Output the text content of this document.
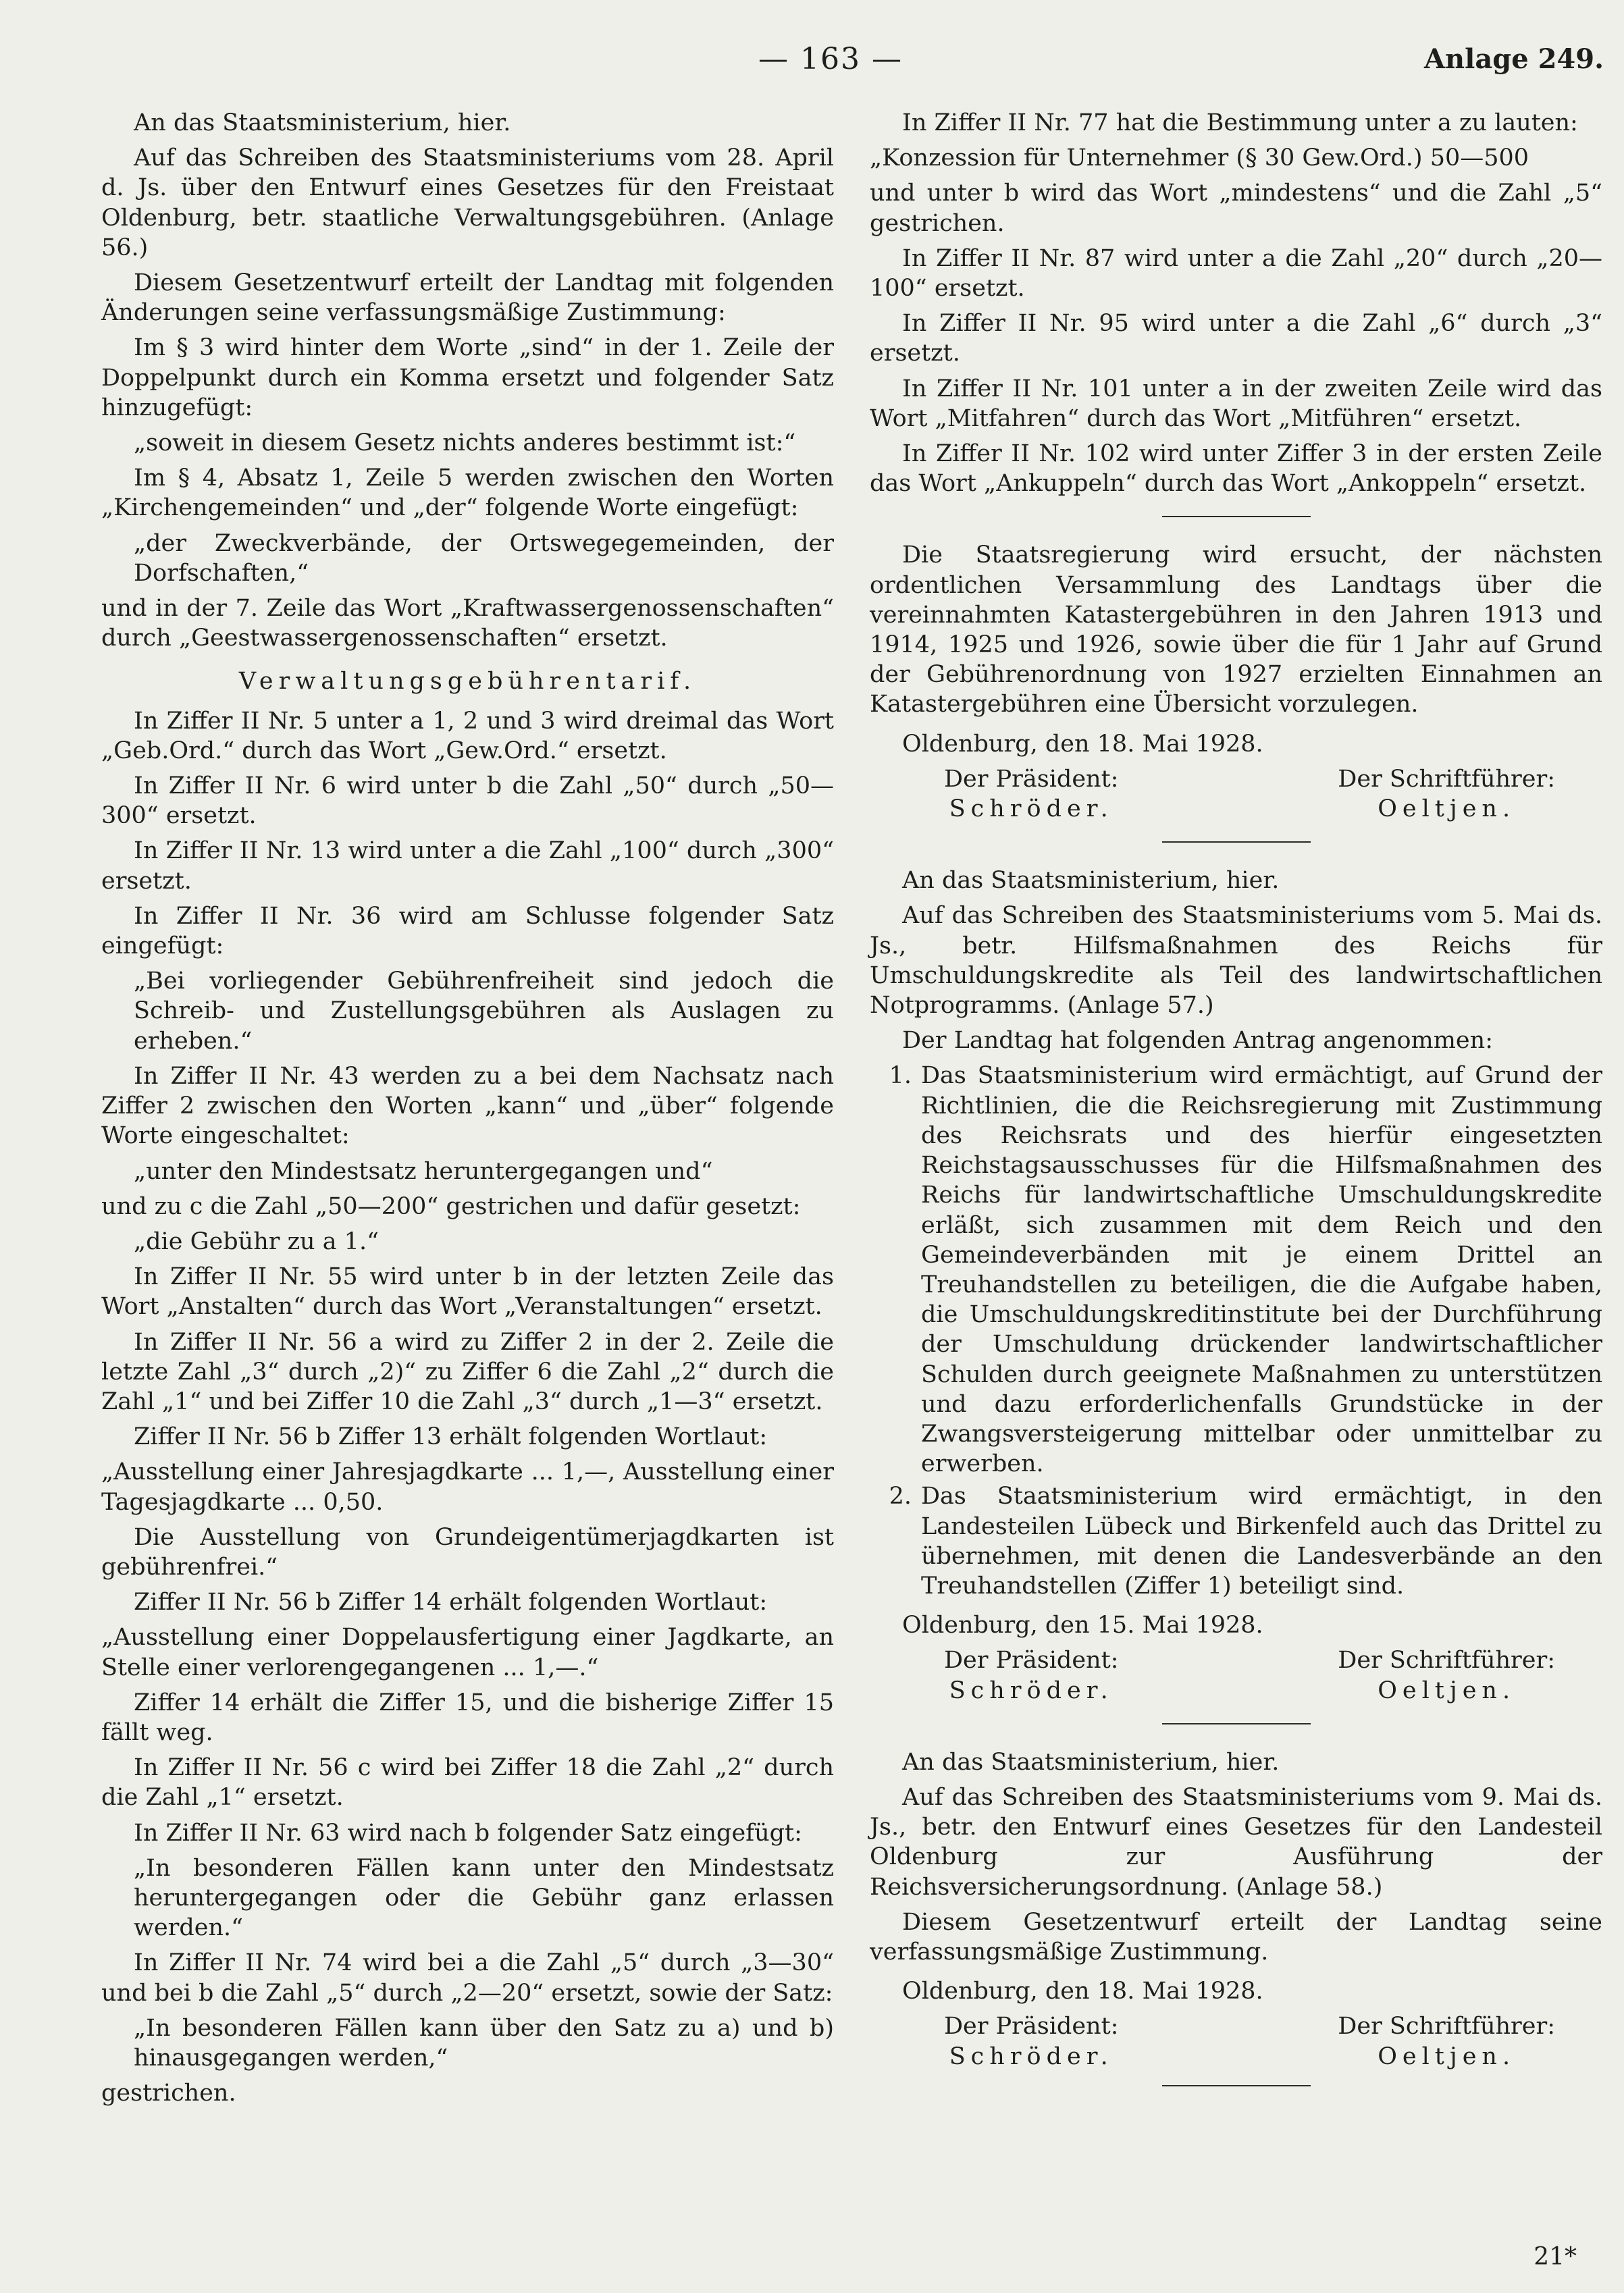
— 163 —	Anlage 249.

An das Staatsministerium, hier.

Auf das Schreiben des Staatsministeriums vom 28. April d. Js. über den Entwurf eines Gesetzes für den Freistaat Oldenburg, betr. staatliche Verwaltungsgebühren. (Anlage 56.)

Diesem Gesetzentwurf erteilt der Landtag mit folgenden Änderungen seine verfassungsmäßige Zustimmung:

Im § 3 wird hinter dem Worte „sind“ in der 1. Zeile der Doppelpunkt durch ein Komma ersetzt und folgender Satz hinzugefügt:

„soweit in diesem Gesetz nichts anderes bestimmt ist:“

Im § 4, Absatz 1, Zeile 5 werden zwischen den Worten „Kirchengemeinden“ und „der“ folgende Worte eingefügt:

„der Zweckverbände, der Ortswegegemeinden, der Dorfschaften,“

und in der 7. Zeile das Wort „Kraftwassergenossenschaften“ durch „Geestwassergenossenschaften“ ersetzt.

Verwaltungsgebührentarif.

In Ziffer II Nr. 5 unter a 1, 2 und 3 wird dreimal das Wort „Geb.Ord.“ durch das Wort „Gew.Ord.“ ersetzt.

In Ziffer II Nr. 6 wird unter b die Zahl „50“ durch „50—300“ ersetzt.

In Ziffer II Nr. 13 wird unter a die Zahl „100“ durch „300“ ersetzt.

In Ziffer II Nr. 36 wird am Schlusse folgender Satz eingefügt:

„Bei vorliegender Gebührenfreiheit sind jedoch die Schreib- und Zustellungsgebühren als Auslagen zu erheben.“

In Ziffer II Nr. 43 werden zu a bei dem Nachsatz nach Ziffer 2 zwischen den Worten „kann“ und „über“ folgende Worte eingeschaltet:

„unter den Mindestsatz heruntergegangen und“

und zu c die Zahl „50—200“ gestrichen und dafür gesetzt:

„die Gebühr zu a 1.“

In Ziffer II Nr. 55 wird unter b in der letzten Zeile das Wort „Anstalten“ durch das Wort „Veranstaltungen“ ersetzt.

In Ziffer II Nr. 56 a wird zu Ziffer 2 in der 2. Zeile die letzte Zahl „3“ durch „2)“ zu Ziffer 6 die Zahl „2“ durch die Zahl „1“ und bei Ziffer 10 die Zahl „3“ durch „1—3“ ersetzt.

Ziffer II Nr. 56 b Ziffer 13 erhält folgenden Wortlaut:

„Ausstellung einer Jahresjagdkarte ... 1,—, Ausstellung einer Tagesjagdkarte ... 0,50.

Die Ausstellung von Grundeigentümerjagdkarten ist gebührenfrei.“

Ziffer II Nr. 56 b Ziffer 14 erhält folgenden Wortlaut:

„Ausstellung einer Doppelausfertigung einer Jagdkarte, an Stelle einer verlorengegangenen ... 1,—.“

Ziffer 14 erhält die Ziffer 15, und die bisherige Ziffer 15 fällt weg.

In Ziffer II Nr. 56 c wird bei Ziffer 18 die Zahl „2“ durch die Zahl „1“ ersetzt.

In Ziffer II Nr. 63 wird nach b folgender Satz eingefügt:

„In besonderen Fällen kann unter den Mindestsatz heruntergegangen oder die Gebühr ganz erlassen werden.“

In Ziffer II Nr. 74 wird bei a die Zahl „5“ durch „3—30“ und bei b die Zahl „5“ durch „2—20“ ersetzt, sowie der Satz:

„In besonderen Fällen kann über den Satz zu a) und b) hinausgegangen werden,“

gestrichen.

In Ziffer II Nr. 77 hat die Bestimmung unter a zu lauten:

„Konzession für Unternehmer (§ 30 Gew.Ord.) 50—500

und unter b wird das Wort „mindestens“ und die Zahl „5“ gestrichen.

In Ziffer II Nr. 87 wird unter a die Zahl „20“ durch „20—100“ ersetzt.

In Ziffer II Nr. 95 wird unter a die Zahl „6“ durch „3“ ersetzt.

In Ziffer II Nr. 101 unter a in der zweiten Zeile wird das Wort „Mitfahren“ durch das Wort „Mitführen“ ersetzt.

In Ziffer II Nr. 102 wird unter Ziffer 3 in der ersten Zeile das Wort „Ankuppeln“ durch das Wort „Ankoppeln“ ersetzt.

Die Staatsregierung wird ersucht, der nächsten ordentlichen Versammlung des Landtags über die vereinnahmten Katastergebühren in den Jahren 1913 und 1914, 1925 und 1926, sowie über die für 1 Jahr auf Grund der Gebührenordnung von 1927 erzielten Einnahmen an Katastergebühren eine Übersicht vorzulegen.

Oldenburg, den 18. Mai 1928.

Der Präsident:
Schröder.
Der Schriftführer:
Oeltjen.

An das Staatsministerium, hier.

Auf das Schreiben des Staatsministeriums vom 5. Mai ds. Js., betr. Hilfsmaßnahmen des Reichs für Umschuldungskredite als Teil des landwirtschaftlichen Notprogramms. (Anlage 57.)

Der Landtag hat folgenden Antrag angenommen:

1. Das Staatsministerium wird ermächtigt, auf Grund der Richtlinien, die die Reichsregierung mit Zustimmung des Reichsrats und des hierfür eingesetzten Reichstagsausschusses für die Hilfsmaßnahmen des Reichs für landwirtschaftliche Umschuldungskredite erläßt, sich zusammen mit dem Reich und den Gemeindeverbänden mit je einem Drittel an Treuhandstellen zu beteiligen, die die Aufgabe haben, die Umschuldungskreditinstitute bei der Durchführung der Umschuldung drückender landwirtschaftlicher Schulden durch geeignete Maßnahmen zu unterstützen und dazu erforderlichenfalls Grundstücke in der Zwangsversteigerung mittelbar oder unmittelbar zu erwerben.
2. Das Staatsministerium wird ermächtigt, in den Landesteilen Lübeck und Birkenfeld auch das Drittel zu übernehmen, mit denen die Landesverbände an den Treuhandstellen (Ziffer 1) beteiligt sind.

Oldenburg, den 15. Mai 1928.

Der Präsident:
Schröder.
Der Schriftführer:
Oeltjen.

An das Staatsministerium, hier.

Auf das Schreiben des Staatsministeriums vom 9. Mai ds. Js., betr. den Entwurf eines Gesetzes für den Landesteil Oldenburg zur Ausführung der Reichsversicherungsordnung. (Anlage 58.)

Diesem Gesetzentwurf erteilt der Landtag seine verfassungsmäßige Zustimmung.

Oldenburg, den 18. Mai 1928.

Der Präsident:
Schröder.
Der Schriftführer:
Oeltjen.
21*
